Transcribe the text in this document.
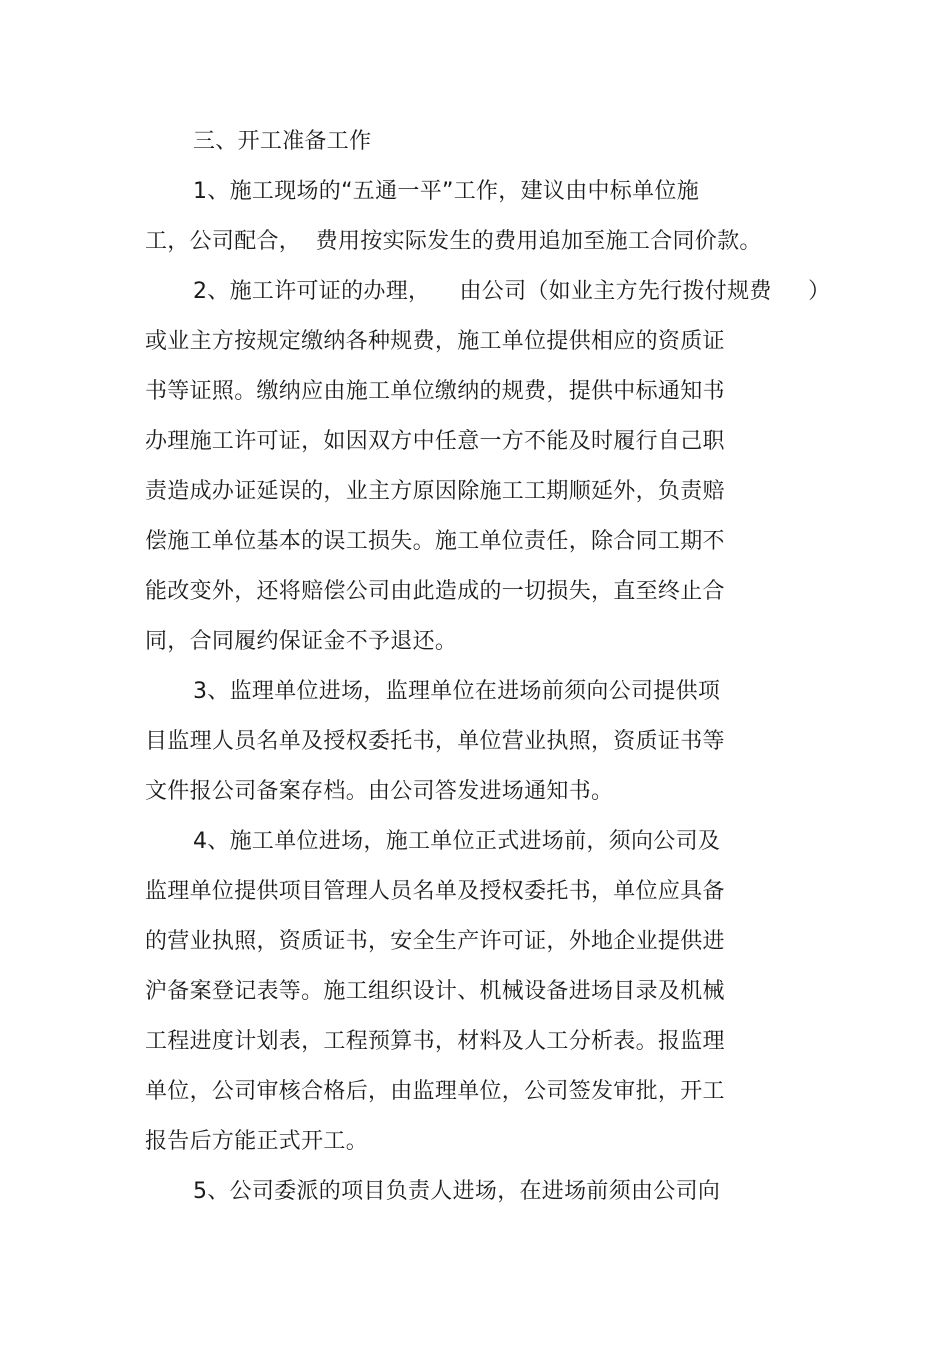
三、开工准备工作
1、施工现场的“五通一平”工作，建议由中标单位施
工，公司配合，  费用按实际发生的费用追加至施工合同价款。
2、施工许可证的办理，    由公司（如业主方先行拨付规费     ）
或业主方按规定缴纳各种规费，施工单位提供相应的资质证
书等证照。缴纳应由施工单位缴纳的规费，提供中标通知书
办理施工许可证，如因双方中任意一方不能及时履行自己职
责造成办证延误的，业主方原因除施工工期顺延外，负责赔
偿施工单位基本的误工损失。施工单位责任，除合同工期不
能改变外，还将赔偿公司由此造成的一切损失，直至终止合
同，合同履约保证金不予退还。
3、监理单位进场，监理单位在进场前须向公司提供项
目监理人员名单及授权委托书，单位营业执照，资质证书等
文件报公司备案存档。由公司答发进场通知书。
4、施工单位进场，施工单位正式进场前，须向公司及
监理单位提供项目管理人员名单及授权委托书，单位应具备
的营业执照，资质证书，安全生产许可证，外地企业提供进
沪备案登记表等。施工组织设计、机械设备进场目录及机械
工程进度计划表，工程预算书，材料及人工分析表。报监理
单位，公司审核合格后，由监理单位，公司签发审批，开工
报告后方能正式开工。
5、公司委派的项目负责人进场，在进场前须由公司向
